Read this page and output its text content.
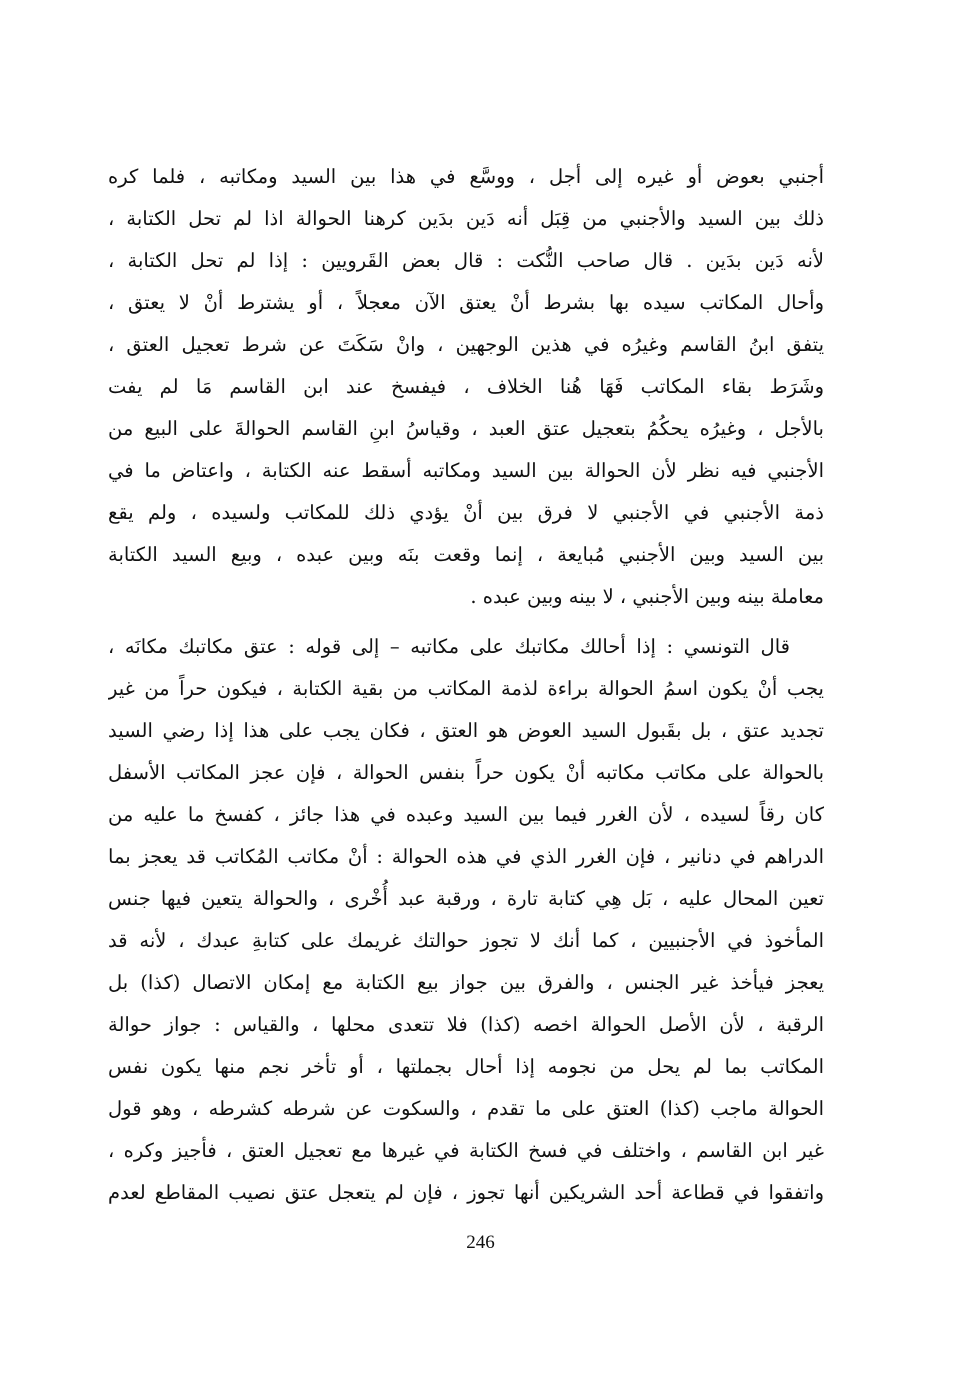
أجنبي بعوض أو غيره إلى أجل ، ووسَّع في هذا بين السيد ومكاتبه ، فلما كره
ذلك بين السيد والأجنبي من قِبَل أنه دَين بدَين كرهنا الحوالة اذا لم تحل الكتابة ،
لأنه دَين بدَين . قال صاحب النُّكت : قال بعض القَرويين : إذا لم تحل الكتابة ،
وأحال المكاتب سيده بها بشرط أنْ يعتق الآن معجلاً ، أو يشترط أنْ لا يعتق ،
يتفق ابنُ القاسم وغيرُه في هذين الوجهين ، وانْ سَكَتَ عن شرط تعجيل العتق ،
وشَرَط بقاء المكاتب فَهَا هُنا الخلاف ، فيفسخ عند ابن القاسم مَا لم يفت
بالأجل ، وغيرُه يحكُمُ بتعجيل عتق العبد ، وقياسُ ابنِ القاسم الحوالةَ على البيع من
الأجنبي فيه نظر لأن الحوالة بين السيد ومكاتبه أسقط عنه الكتابة ، واعتاض ما في
ذمة الأجنبي في الأجنبي لا فرق بين أنْ يؤدي ذلك للمكاتب ولسيده ، ولم يقع
بين السيد وبين الأجنبي مُبايعة ، إنما وقعت بنَه وبين عبده ، وبيع السيد الكتابة
معاملة بينه وبين الأجنبي ، لا بينه وبين عبده .
قال التونسي : إذا أحالك مكاتبك على مكاتبه – إلى قوله : عتق مكاتبك مكانَه ،
يجب أنْ يكون اسمُ الحوالة براءة لذمة المكاتب من بقية الكتابة ، فيكون حراً من غير
تجديد عتق ، بل بقَبول السيد العوض هو العتق ، فكان يجب على هذا إذا رضي السيد
بالحوالة على مكاتب مكاتبه أنْ يكون حراً بنفس الحوالة ، فإن عجز المكاتب الأسفل
كان رقاً لسيده ، لأن الغرر فيما بين السيد وعبده في هذا جائز ، كفسخ ما عليه من
الدراهم في دنانير ، فإن الغرر الذي في هذه الحوالة : أنْ مكاتب المُكاتب قد يعجز بما
تعين المحال عليه ، بَل هِي كتابة تارة ، ورقبة عبد أُخْرى ، والحوالة يتعين فيها جنس
المأخوذ في الأجنبيين ، كما أنك لا تجوز حوالتك غريمك على كتابةِ عبدك ، لأنه قد
يعجز فيأخذ غير الجنس ، والفرق بين جواز بيع الكتابة مع إمكان الاتصال (كذا) بل
الرقبة ، لأن الأصل الحوالة اخصه (كذا) فلا تتعدى محلها ، والقياس : جواز حوالة
المكاتب بما لم يحل من نجومه إذا أحال بجملتها ، أو تأخر نجم منها يكون نفس
الحوالة ماجب (كذا) العتق على ما تقدم ، والسكوت عن شرطه كشرطه ، وهو قول
غير ابن القاسم ، واختلف في فسخ الكتابة في غيرها مع تعجيل العتق ، فأجيز وكره ،
واتفقوا في قطاعة أحد الشريكين أنها تجوز ، فإن لم يتعجل عتق نصيب المقاطع لعدم
246
